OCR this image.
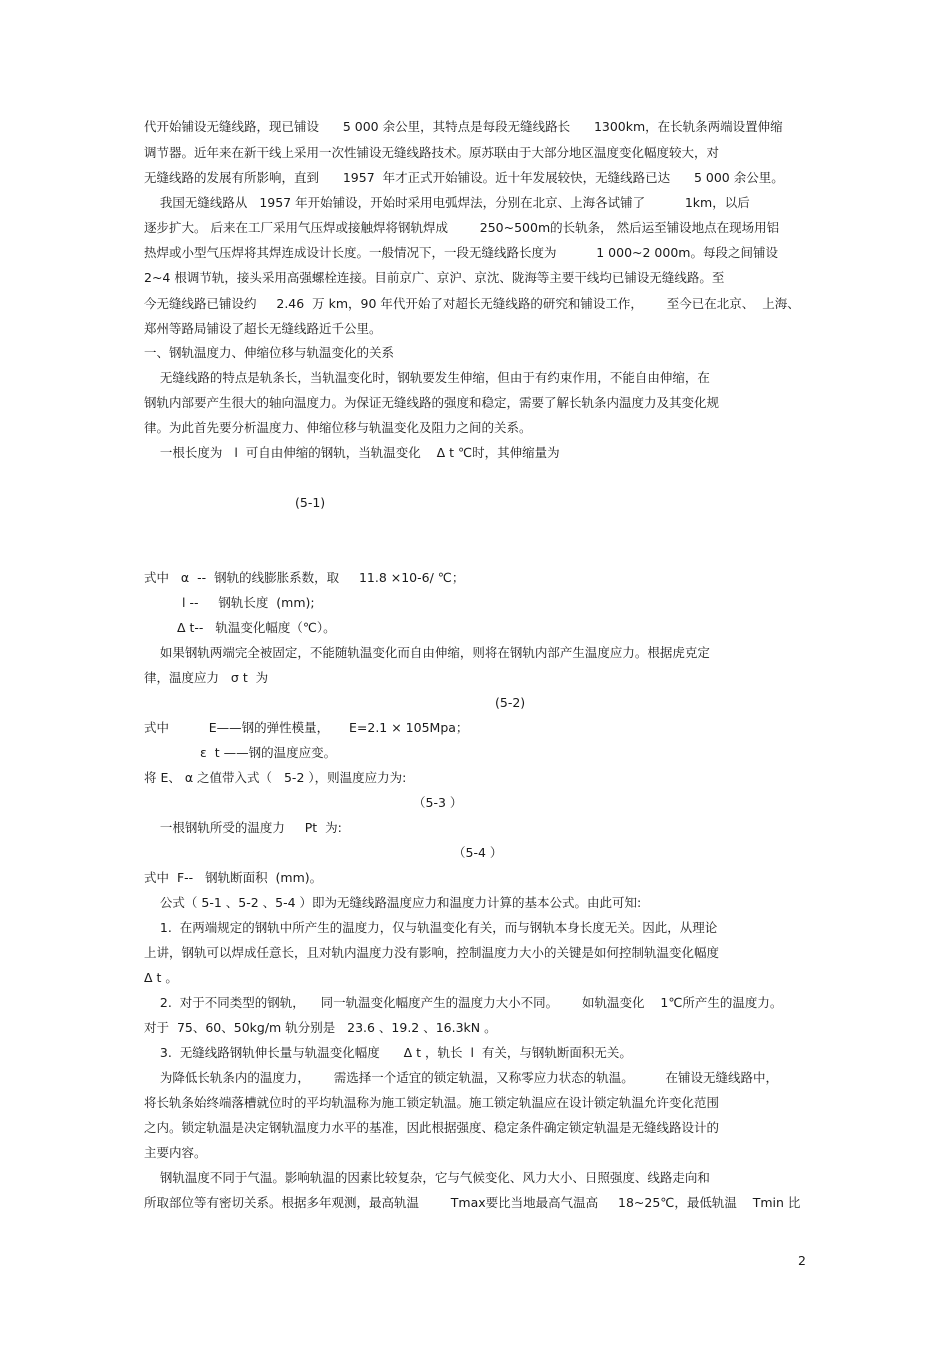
代开始铺设无缝线路，现已铺设      5 000 余公里，其特点是每段无缝线路长      1300km，在长轨条两端设置伸缩
调节器。近年来在新干线上采用一次性铺设无缝线路技术。原苏联由于大部分地区温度变化幅度较大，对
无缝线路的发展有所影响，直到      1957  年才正式开始铺设。近十年发展较快，无缝线路已达      5 000 余公里。
我国无缝线路从   1957 年开始铺设，开始时采用电弧焊法，分别在北京、上海各试铺了          1km，以后
逐步扩大。 后来在工厂采用气压焊或接触焊将钢轨焊成        250~500m的长轨条， 然后运至铺设地点在现场用铝
热焊或小型气压焊将其焊连成设计长度。一般情况下，一段无缝线路长度为          1 000~2 000m。每段之间铺设
2~4 根调节轨，接头采用高强螺栓连接。目前京广、京沪、京沈、陇海等主要干线均已铺设无缝线路。至
今无缝线路已铺设约     2.46  万 km，90 年代开始了对超长无缝线路的研究和铺设工作，      至今已在北京、  上海、
郑州等路局铺设了超长无缝线路近千公里。
一、钢轨温度力、伸缩位移与轨温变化的关系
无缝线路的特点是轨条长，当轨温变化时，钢轨要发生伸缩，但由于有约束作用，不能自由伸缩，在
钢轨内部要产生很大的轴向温度力。为保证无缝线路的强度和稳定，需要了解长轨条内温度力及其变化规
律。为此首先要分析温度力、伸缩位移与轨温变化及阻力之间的关系。
一根长度为   l  可自由伸缩的钢轨，当轨温变化    Δ t ℃时，其伸缩量为
(5-1)
式中   α  --  钢轨的线膨胀系数，取     11.8 ×10-6/ ℃；
l --     钢轨长度  (mm);
Δ t--   轨温变化幅度（℃）。
如果钢轨两端完全被固定，不能随轨温变化而自由伸缩，则将在钢轨内部产生温度应力。根据虎克定
律，温度应力   σ t  为
(5-2)
式中          E——钢的弹性模量，     E=2.1 × 105Mpa；
ε  t ——钢的温度应变。
将 E、 α 之值带入式（   5-2 ），则温度应力为:
（5-3 ）
一根钢轨所受的温度力     Pt  为:
（5-4 ）
式中  F--   钢轨断面积  (mm)。
公式（ 5-1 、5-2 、5-4 ）即为无缝线路温度应力和温度力计算的基本公式。由此可知:
1.  在两端规定的钢轨中所产生的温度力，仅与轨温变化有关，而与钢轨本身长度无关。因此，从理论
上讲，钢轨可以焊成任意长，且对轨内温度力没有影响，控制温度力大小的关键是如何控制轨温变化幅度
Δ t 。
2.  对于不同类型的钢轨，    同一轨温变化幅度产生的温度力大小不同。      如轨温变化    1℃所产生的温度力。
对于  75、60、50kg/m 轨分别是   23.6 、19.2 、16.3kN 。
3.  无缝线路钢轨伸长量与轨温变化幅度      Δ t ，轨长  l  有关，与钢轨断面积无关。
为降低长轨条内的温度力，      需选择一个适宜的锁定轨温，又称零应力状态的轨温。        在铺设无缝线路中，
将长轨条始终端落槽就位时的平均轨温称为施工锁定轨温。施工锁定轨温应在设计锁定轨温允许变化范围
之内。锁定轨温是决定钢轨温度力水平的基准，因此根据强度、稳定条件确定锁定轨温是无缝线路设计的
主要内容。
钢轨温度不同于气温。影响轨温的因素比较复杂，它与气候变化、风力大小、日照强度、线路走向和
所取部位等有密切关系。根据多年观测，最高轨温        Tmax要比当地最高气温高     18~25℃，最低轨温    Tmin 比
2
